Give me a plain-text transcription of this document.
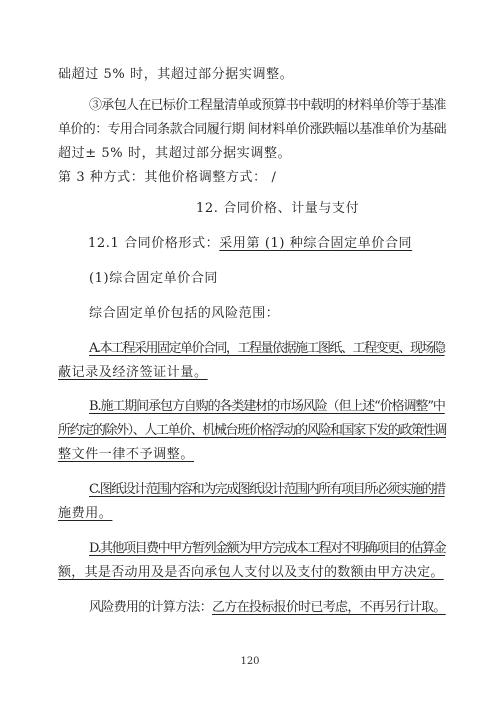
础超过 5% 时，其超过部分据实调整。
③承包人在已标价工程量清单或预算书中载明的材料单价等于基准
单价的：专用合同条款合同履行期 间材料单价涨跌幅以基准单价为基础
超过± 5% 时，其超过部分据实调整。
第 3 种方式：其他价格调整方式： /
12. 合同价格、计量与支付
12.1 合同价格形式：采用第 (1) 种综合固定单价合同
(1)综合固定单价合同
综合固定单价包括的风险范围：
A.本工程采用固定单价合同，工程量依据施工图纸、工程变更、现场隐
蔽记录及经济签证计量。
B.施工期间承包方自购的各类建材的市场风险（但上述“价格调整”中
所约定的除外）、人工单价、机械台班价格浮动的风险和国家下发的政策性调
整文件一律不予调整。
C.图纸设计范围内容和为完成图纸设计范围内所有项目所必须实施的措
施费用。
D.其他项目费中甲方暂列金额为甲方完成本工程对不明确项目的估算金
额，其是否动用及是否向承包人支付以及支付的数额由甲方决定。
风险费用的计算方法：乙方在投标报价时已考虑，不再另行计取。
120
